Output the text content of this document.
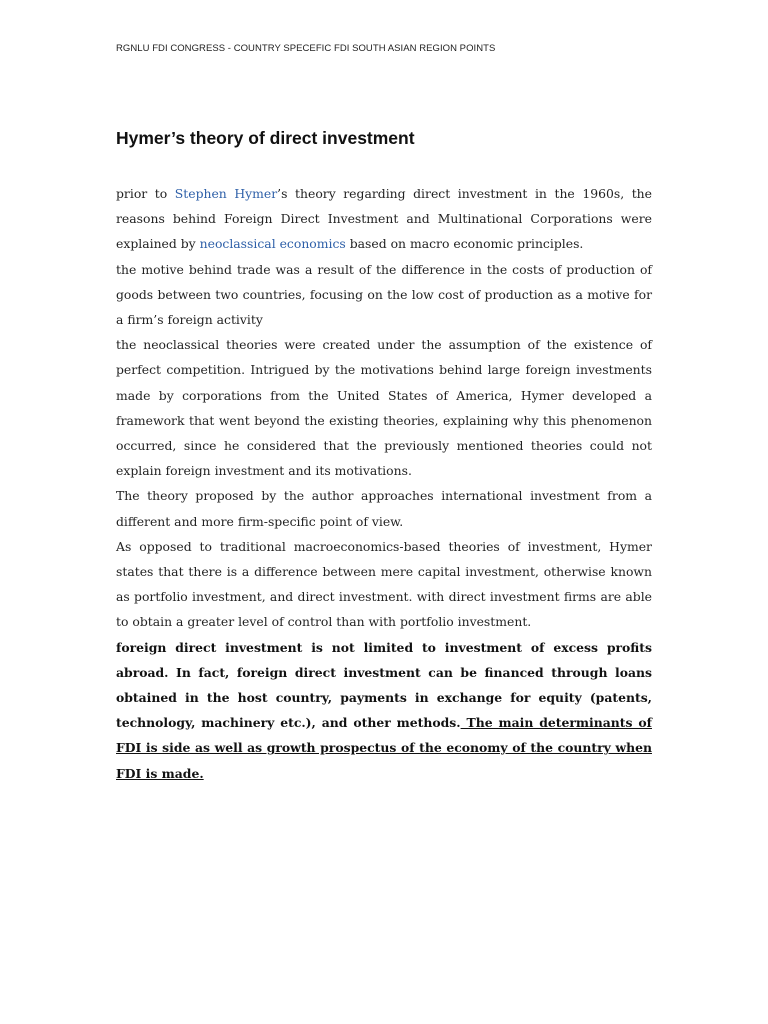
RGNLU FDI CONGRESS - COUNTRY SPECEFIC FDI SOUTH ASIAN REGION POINTS
Hymer’s theory of direct investment

prior to Stephen Hymer’s theory regarding direct investment in the 1960s, the reasons behind Foreign Direct Investment and Multinational Corporations were explained by neoclassical economics based on macro economic principles.

the motive behind trade was a result of the difference in the costs of production of goods between two countries, focusing on the low cost of production as a motive for a firm’s foreign activity

the neoclassical theories were created under the assumption of the existence of perfect competition. Intrigued by the motivations behind large foreign investments made by corporations from the United States of America, Hymer developed a framework that went beyond the existing theories, explaining why this phenomenon occurred, since he considered that the previously mentioned theories could not explain foreign investment and its motivations.

The theory proposed by the author approaches international investment from a different and more firm-specific point of view.

As opposed to traditional macroeconomics-based theories of investment, Hymer states that there is a difference between mere capital investment, otherwise known as portfolio investment, and direct investment. with direct investment firms are able to obtain a greater level of control than with portfolio investment.

foreign direct investment is not limited to investment of excess profits abroad. In fact, foreign direct investment can be financed through loans obtained in the host country, payments in exchange for equity (patents, technology, machinery etc.), and other methods. The main determinants of FDI is side as well as growth prospectus of the economy of the country when FDI is made.
